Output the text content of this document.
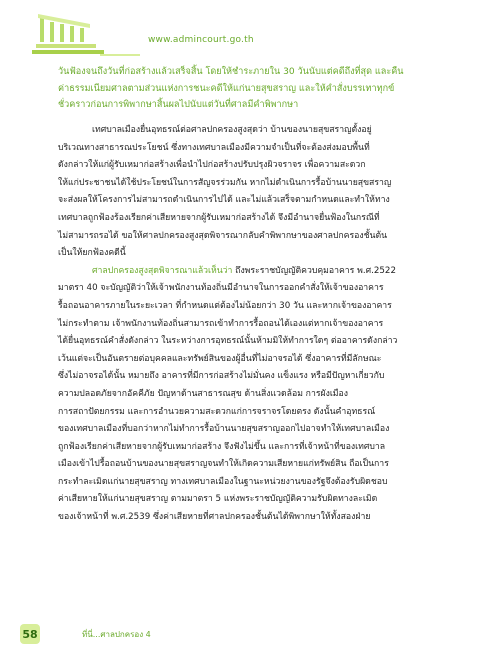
www.admincourt.go.th
วันฟ้องจนถึงวันที่ก่อสร้างแล้วเสร็จสิ้น โดยให้ชำระภายใน 30 วันนับแต่คดีถึงที่สุด และคืน
ค่าธรรมเนียมศาลตามส่วนแห่งการชนะคดีให้แก่นายสุขสราญ และให้คำสั่งบรรเทาทุกข์
ชั่วคราวก่อนการพิพากษาสิ้นผลไปนับแต่วันที่ศาลมีคำพิพากษา

เทศบาลเมืองยื่นอุทธรณ์ต่อศาลปกครองสูงสุดว่า บ้านของนายสุขสราญตั้งอยู่
บริเวณทางสาธารณประโยชน์ ซึ่งทางเทศบาลเมืองมีความจำเป็นที่จะต้องส่งมอบพื้นที่
ดังกล่าวให้แก่ผู้รับเหมาก่อสร้างเพื่อนำไปก่อสร้างปรับปรุงผิวจราจร เพื่อความสะดวก
ให้แก่ประชาชนได้ใช้ประโยชน์ในการสัญจรร่วมกัน หากไม่ดำเนินการรื้อบ้านนายสุขสราญ
จะส่งผลให้โครงการไม่สามารถดำเนินการไปได้ และไม่แล้วเสร็จตามกำหนดและทำให้ทาง
เทศบาลถูกฟ้องร้องเรียกค่าเสียหายจากผู้รับเหมาก่อสร้างได้ จึงมีอำนาจยื่นฟ้องในกรณีที่
ไม่สามารถรอได้ ขอให้ศาลปกครองสูงสุดพิจารณากลับคำพิพากษาของศาลปกครองชั้นต้น
เป็นให้ยกฟ้องคดีนี้

ศาลปกครองสูงสุดพิจารณาแล้วเห็นว่า ถึงพระราชบัญญัติควบคุมอาคาร พ.ศ.2522
มาตรา 40 จะบัญญัติว่าให้เจ้าพนักงานท้องถิ่นมีอำนาจในการออกคำสั่งให้เจ้าของอาคาร
รื้อถอนอาคารภายในระยะเวลา ที่กำหนดแต่ต้องไม่น้อยกว่า 30 วัน และหากเจ้าของอาคาร
ไม่กระทำตาม เจ้าพนักงานท้องถิ่นสามารถเข้าทำการรื้อถอนได้เองแต่หากเจ้าของอาคาร
ได้ยื่นอุทธรณ์คำสั่งดังกล่าว ในระหว่างการอุทธรณ์นั้นห้ามมิให้ทำการใดๆ ต่ออาคารดังกล่าว
เว้นแต่จะเป็นอันตรายต่อบุคคลและทรัพย์สินของผู้อื่นที่ไม่อาจรอได้ ซึ่งอาคารที่มีลักษณะ
ซึ่งไม่อาจรอได้นั้น หมายถึง อาคารที่มีการก่อสร้างไม่มั่นคง แข็งแรง หรือมีปัญหาเกี่ยวกับ
ความปลอดภัยจากอัคคีภัย ปัญหาด้านสาธารณสุข ด้านสิ่งแวดล้อม การผังเมือง
การสถาปัตยกรรม และการอำนวยความสะดวกแก่การจราจรโดยตรง ดังนั้นคำอุทธรณ์
ของเทศบาลเมืองที่บอกว่าหากไม่ทำการรื้อบ้านนายสุขสราญออกไปอาจทำให้เทศบาลเมือง
ถูกฟ้องเรียกค่าเสียหายจากผู้รับเหมาก่อสร้าง จึงฟังไม่ขึ้น และการที่เจ้าหน้าที่ของเทศบาล
เมืองเข้าไปรื้อถอนบ้านของนายสุขสราญจนทำให้เกิดความเสียหายแก่ทรัพย์สิน ถือเป็นการ
กระทำละเมิดแก่นายสุขสราญ ทางเทศบาลเมืองในฐานะหน่วยงานของรัฐจึงต้องรับผิดชอบ
ค่าเสียหายให้แก่นายสุขสราญ ตามมาตรา 5 แห่งพระราชบัญญัติความรับผิดทางละเมิด
ของเจ้าหน้าที่ พ.ศ.2539 ซึ่งค่าเสียหายที่ศาลปกครองชั้นต้นได้พิพากษาให้ทั้งสองฝ่าย

58	ที่นี่...ศาลปกครอง 4
